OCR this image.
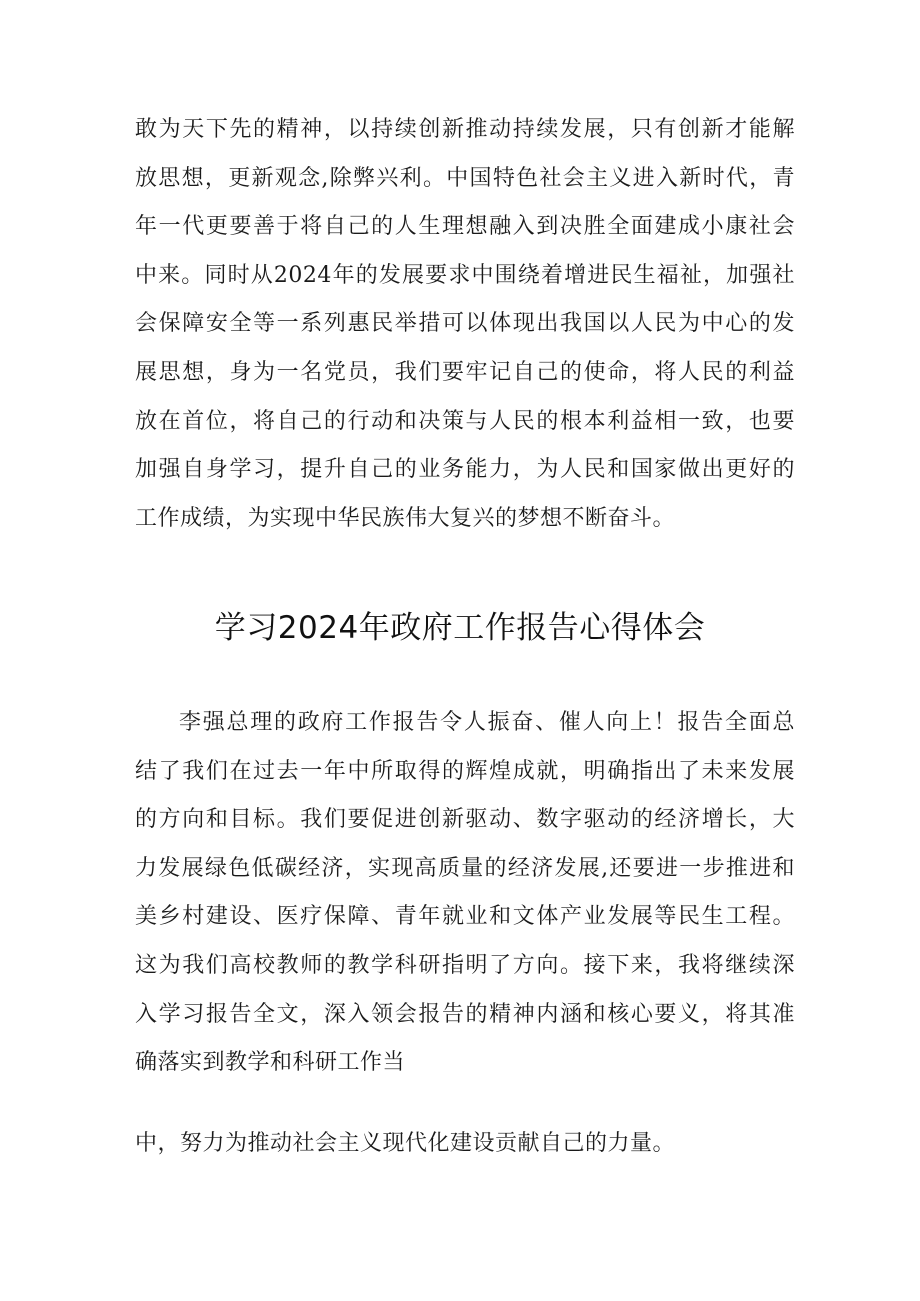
敢为天下先的精神，以持续创新推动持续发展，只有创新才能解
放思想，更新观念,除弊兴利。中国特色社会主义进入新时代，青
年一代更要善于将自己的人生理想融入到决胜全面建成小康社会
中来。同时从2024年的发展要求中围绕着增进民生福祉，加强社
会保障安全等一系列惠民举措可以体现出我国以人民为中心的发
展思想，身为一名党员，我们要牢记自己的使命，将人民的利益
放在首位，将自己的行动和决策与人民的根本利益相一致，也要
加强自身学习，提升自己的业务能力，为人民和国家做出更好的
工作成绩，为实现中华民族伟大复兴的梦想不断奋斗。

学习2024年政府工作报告心得体会

李强总理的政府工作报告令人振奋、催人向上！报告全面总
结了我们在过去一年中所取得的辉煌成就，明确指出了未来发展
的方向和目标。我们要促进创新驱动、数字驱动的经济增长，大
力发展绿色低碳经济，实现高质量的经济发展,还要进一步推进和
美乡村建设、医疗保障、青年就业和文体产业发展等民生工程。
这为我们高校教师的教学科研指明了方向。接下来，我将继续深
入学习报告全文，深入领会报告的精神内涵和核心要义，将其准
确落实到教学和科研工作当

中，努力为推动社会主义现代化建设贡献自己的力量。
